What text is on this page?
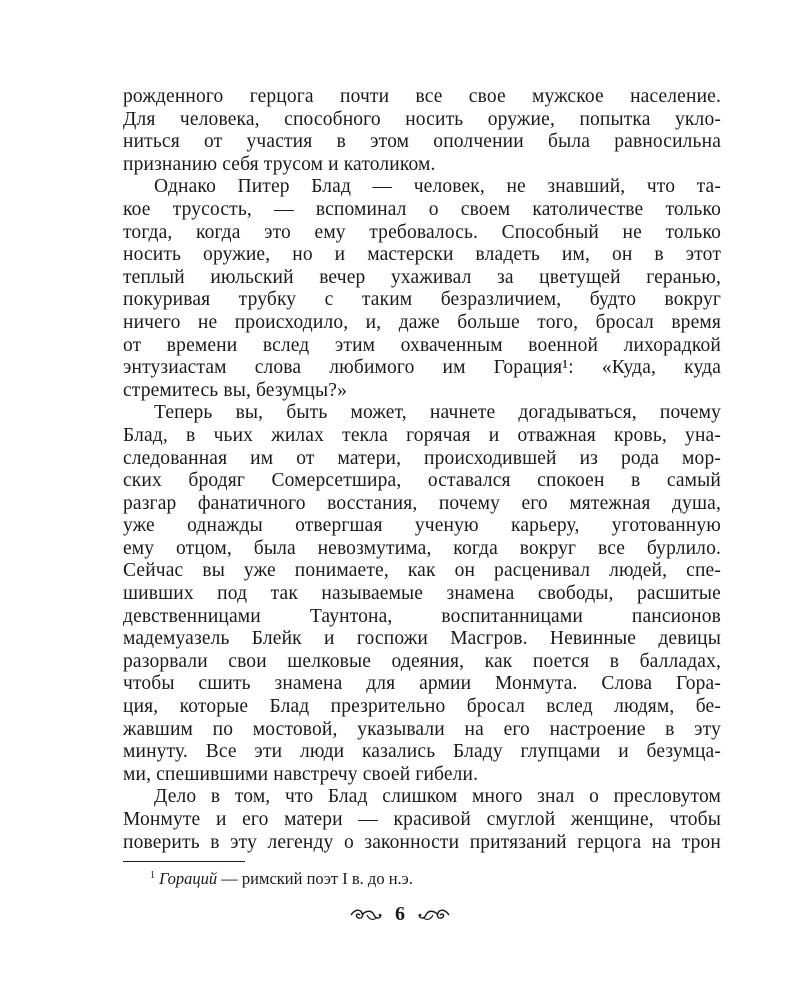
рожденного герцога почти все свое мужское население.
Для человека, способного носить оружие, попытка укло-
ниться от участия в этом ополчении была равносильна
признанию себя трусом и католиком.
Однако Питер Блад — человек, не знавший, что та-
кое трусость, — вспоминал о своем католичестве только
тогда, когда это ему требовалось. Способный не только
носить оружие, но и мастерски владеть им, он в этот
теплый июльский вечер ухаживал за цветущей геранью,
покуривая трубку с таким безразличием, будто вокруг
ничего не происходило, и, даже больше того, бросал время
от времени вслед этим охваченным военной лихорадкой
энтузиастам слова любимого им Горация¹: «Куда, куда
стремитесь вы, безумцы?»
Теперь вы, быть может, начнете догадываться, почему
Блад, в чьих жилах текла горячая и отважная кровь, уна-
следованная им от матери, происходившей из рода мор-
ских бродяг Сомерсетшира, оставался спокоен в самый
разгар фанатичного восстания, почему его мятежная душа,
уже однажды отвергшая ученую карьеру, уготованную
ему отцом, была невозмутима, когда вокруг все бурлило.
Сейчас вы уже понимаете, как он расценивал людей, спе-
шивших под так называемые знамена свободы, расшитые
девственницами Таунтона, воспитанницами пансионов
мадемуазель Блейк и госпожи Масгров. Невинные девицы
разорвали свои шелковые одеяния, как поется в балладах,
чтобы сшить знамена для армии Монмута. Слова Гора-
ция, которые Блад презрительно бросал вслед людям, бе-
жавшим по мостовой, указывали на его настроение в эту
минуту. Все эти люди казались Бладу глупцами и безумца-
ми, спешившими навстречу своей гибели.
Дело в том, что Блад слишком много знал о пресловутом
Монмуте и его матери — красивой смуглой женщине, чтобы
поверить в эту легенду о законности притязаний герцога на трон
$^1$ Гораций — римский поэт I в. до н.э.
6
